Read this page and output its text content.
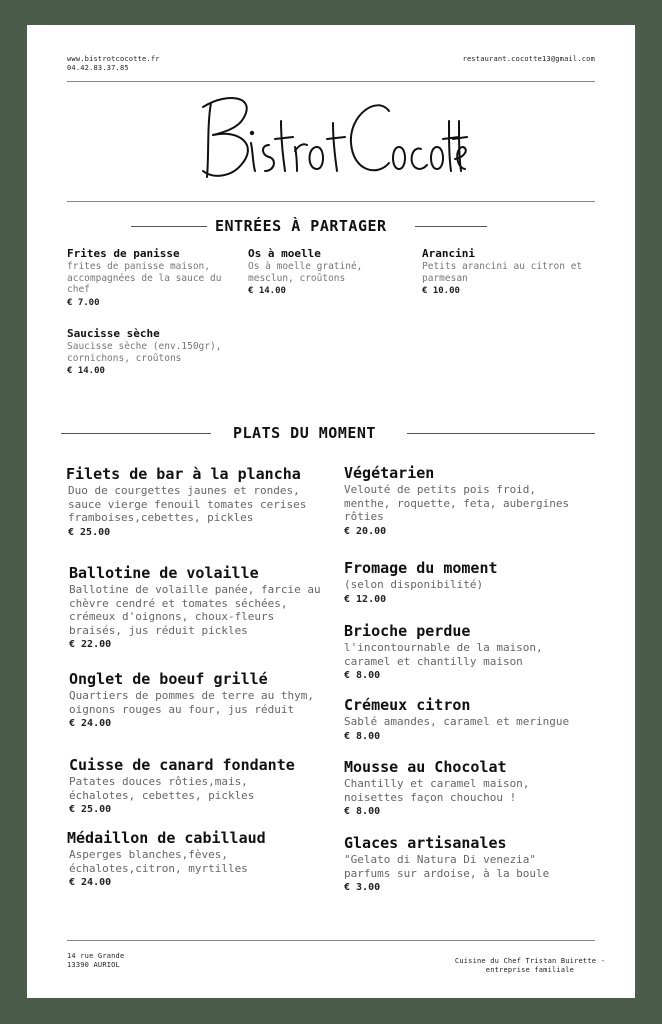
www.bistrotcocotte.fr
04.42.83.37.85
restaurant.cocotte13@gmail.com
ENTRÉES À PARTAGER
Frites de panisse
frites de panisse maison, accompagnées de la sauce du chef
€ 7.00
Os à moelle
Os à moelle gratiné, mesclun, croûtons
€ 14.00
Arancini
Petits arancini au citron et parmesan
€ 10.00
Saucisse sèche
Saucisse sèche (env.150gr), cornichons, croûtons
€ 14.00
PLATS DU MOMENT
Filets de bar à la plancha
Duo de courgettes jaunes et rondes, sauce vierge fenouil tomates cerises framboises,cebettes, pickles
€ 25.00
Ballotine de volaille
Ballotine de volaille panée, farcie au chèvre cendré et tomates séchées, crémeux d'oignons, choux-fleurs braisés, jus réduit pickles
€ 22.00
Onglet de boeuf grillé
Quartiers de pommes de terre au thym, oignons rouges au four, jus réduit
€ 24.00
Cuisse de canard fondante
Patates douces rôties,mais, échalotes, cebettes, pickles
€ 25.00
Médaillon de cabillaud
Asperges blanches,fèves, échalotes,citron, myrtilles
€ 24.00
Végétarien
Velouté de petits pois froid, menthe, roquette, feta, aubergines rôties
€ 20.00
Fromage du moment
(selon disponibilité)
€ 12.00
Brioche perdue
l'incontournable de la maison, caramel et chantilly maison
€ 8.00
Crémeux citron
Sablé amandes, caramel et meringue
€ 8.00
Mousse au Chocolat
Chantilly et caramel maison, noisettes façon chouchou !
€ 8.00
Glaces artisanales
"Gelato di Natura Di venezia" parfums sur ardoise, à la boule
€ 3.00
14 rue Grande
13390 AURIOL	Cuisine du Chef Tristan Buirette -
entreprise familiale
